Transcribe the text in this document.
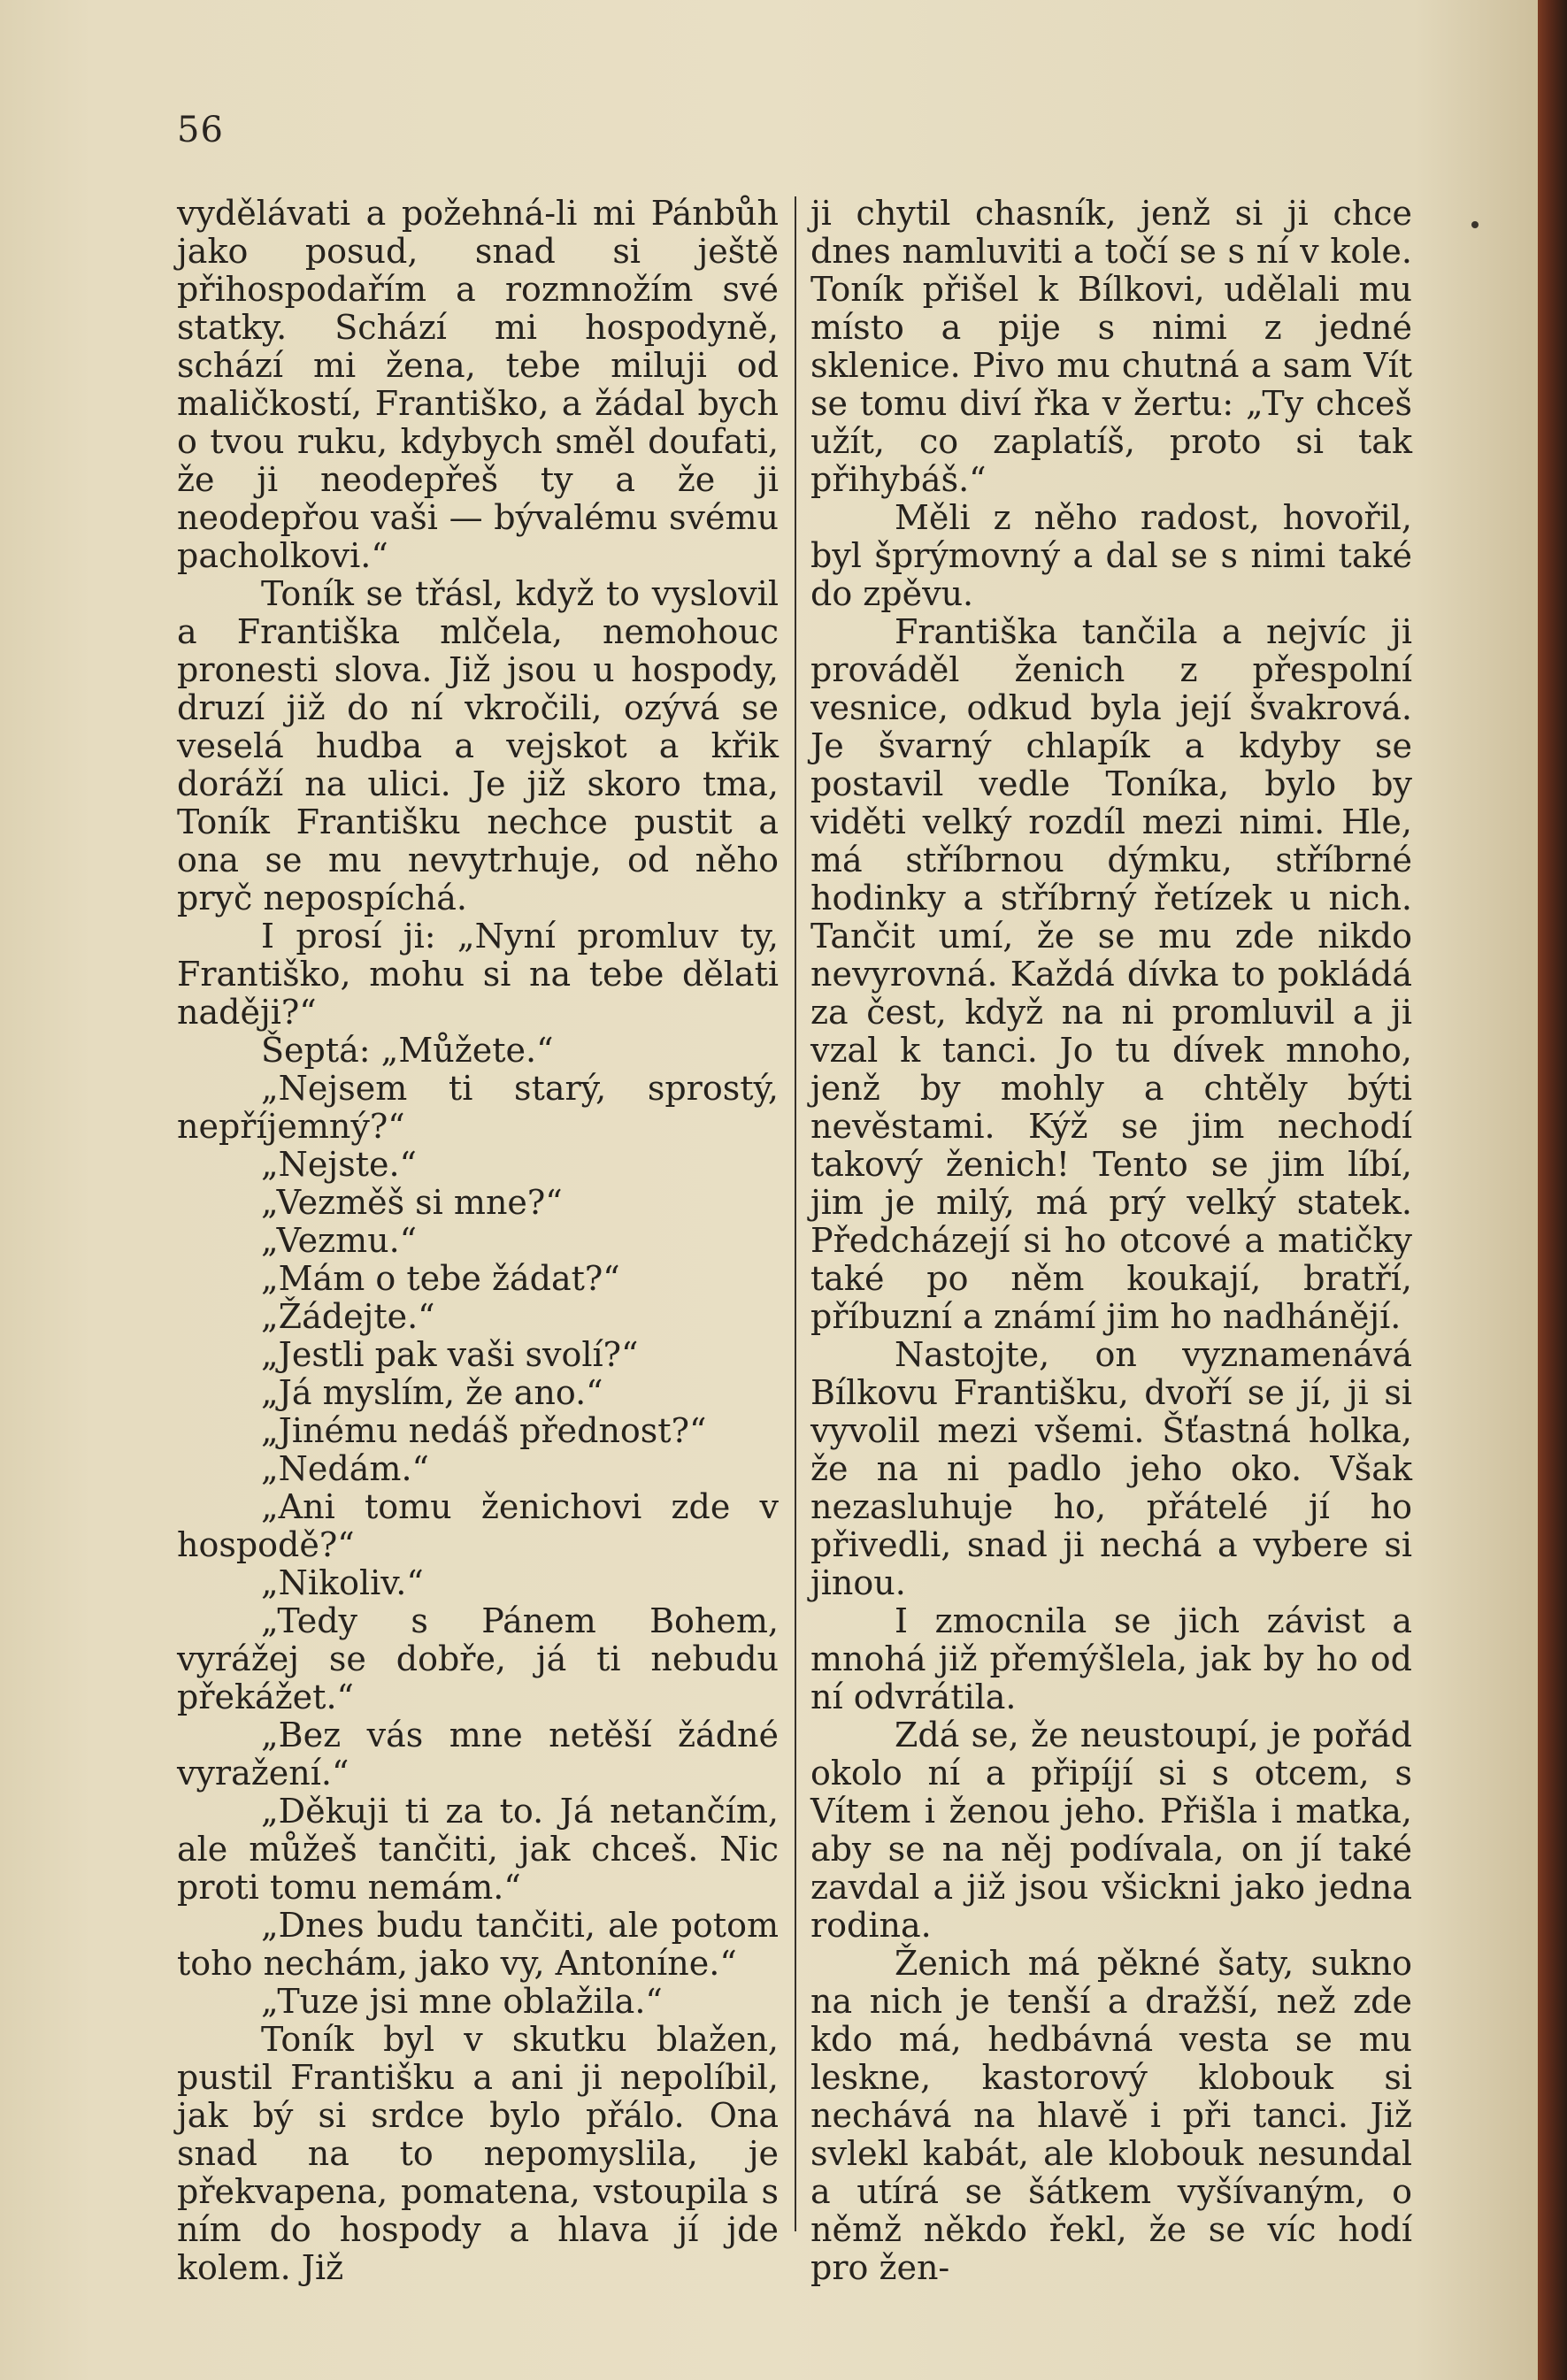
56

vydělávati a požehná-li mi Pánbůh jako posud, snad si ještě přihospodařím a rozmnožím své statky. Schází mi hospodyně, schází mi žena, tebe miluji od maličkostí, Františko, a žádal bych o tvou ruku, kdybych směl doufati, že ji neodepřeš ty a že ji neodepřou vaši — bývalému svému pacholkovi.“

Toník se třásl, když to vyslovil a Františka mlčela, nemohouc pronesti slova. Již jsou u hospody, druzí již do ní vkročili, ozývá se veselá hudba a vejskot a křik doráží na ulici. Je již skoro tma, Toník Františku nechce pustit a ona se mu nevytrhuje, od něho pryč nepospíchá.

I prosí ji: „Nyní promluv ty, Františko, mohu si na tebe dělati naději?“

Šeptá: „Můžete.“

„Nejsem ti starý, sprostý, nepříjemný?“

„Nejste.“

„Vezměš si mne?“

„Vezmu.“

„Mám o tebe žádat?“

„Žádejte.“

„Jestli pak vaši svolí?“

„Já myslím, že ano.“

„Jinému nedáš přednost?“

„Nedám.“

„Ani tomu ženichovi zde v hospodě?“

„Nikoliv.“

„Tedy s Pánem Bohem, vyrážej se dobře, já ti nebudu překážet.“

„Bez vás mne netěší žádné vyražení.“

„Děkuji ti za to. Já netančím, ale můžeš tančiti, jak chceš. Nic proti tomu nemám.“

„Dnes budu tančiti, ale potom toho nechám, jako vy, Antoníne.“

„Tuze jsi mne oblažila.“

Toník byl v skutku blažen, pustil Františku a ani ji nepolíbil, jak bý si srdce bylo přálo. Ona snad na to nepomyslila, je překvapena, pomatena, vstoupila s ním do hospody a hlava jí jde kolem. Již

ji chytil chasník, jenž si ji chce dnes namluviti a točí se s ní v kole. Toník přišel k Bílkovi, udělali mu místo a pije s nimi z jedné sklenice. Pivo mu chutná a sam Vít se tomu diví řka v žertu: „Ty chceš užít, co zaplatíš, proto si tak přihybáš.“

Měli z něho radost, hovořil, byl šprýmovný a dal se s nimi také do zpěvu.

Františka tančila a nejvíc ji prováděl ženich z přespolní vesnice, odkud byla její švakrová. Je švarný chlapík a kdyby se postavil vedle Toníka, bylo by viděti velký rozdíl mezi nimi. Hle, má stříbrnou dýmku, stříbrné hodinky a stříbrný řetízek u nich. Tančit umí, že se mu zde nikdo nevyrovná. Každá dívka to pokládá za čest, když na ni promluvil a ji vzal k tanci. Jo tu dívek mnoho, jenž by mohly a chtěly býti nevěstami. Kýž se jim nechodí takový ženich! Tento se jim líbí, jim je milý, má prý velký statek. Předcházejí si ho otcové a matičky také po něm koukají, bratří, příbuzní a známí jim ho nadhánějí.

Nastojte, on vyznamenává Bílkovu Františku, dvoří se jí, ji si vyvolil mezi všemi. Šťastná holka, že na ni padlo jeho oko. Však nezasluhuje ho, přátelé jí ho přivedli, snad ji nechá a vybere si jinou.

I zmocnila se jich závist a mnohá již přemýšlela, jak by ho od ní odvrátila.

Zdá se, že neustoupí, je pořád okolo ní a připíjí si s otcem, s Vítem i ženou jeho. Přišla i matka, aby se na něj podívala, on jí také zavdal a již jsou všickni jako jedna rodina.

Ženich má pěkné šaty, sukno na nich je tenší a dražší, než zde kdo má, hedbávná vesta se mu leskne, kastorový klobouk si nechává na hlavě i při tanci. Již svlekl kabát, ale klobouk nesundal a utírá se šátkem vyšívaným, o němž někdo řekl, že se víc hodí pro žen-
